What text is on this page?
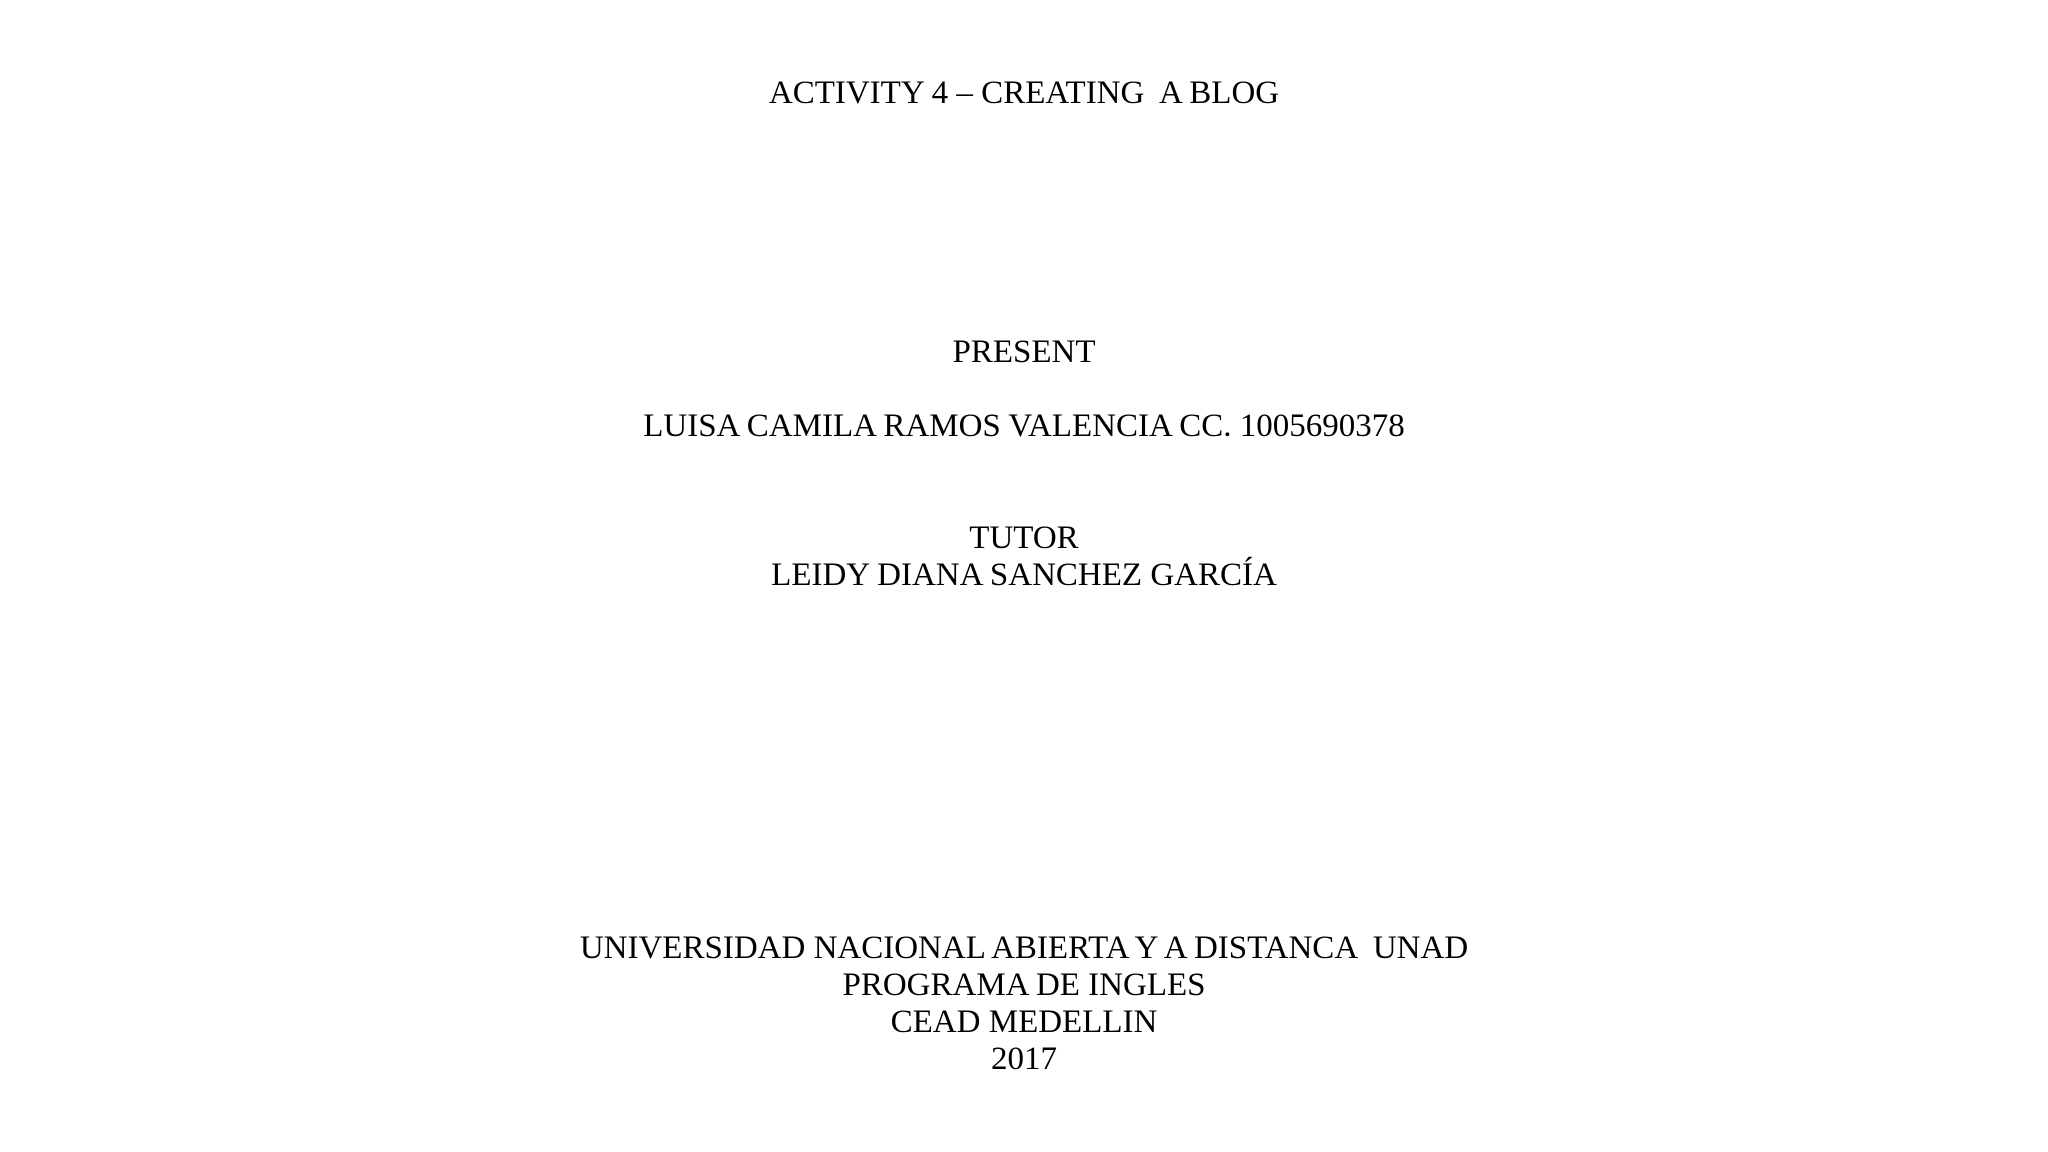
ACTIVITY 4 – CREATING  A BLOG
PRESENT
LUISA CAMILA RAMOS VALENCIA CC. 1005690378
TUTOR
LEIDY DIANA SANCHEZ GARCÍA
UNIVERSIDAD NACIONAL ABIERTA Y A DISTANCA  UNAD
PROGRAMA DE INGLES
CEAD MEDELLIN
2017
